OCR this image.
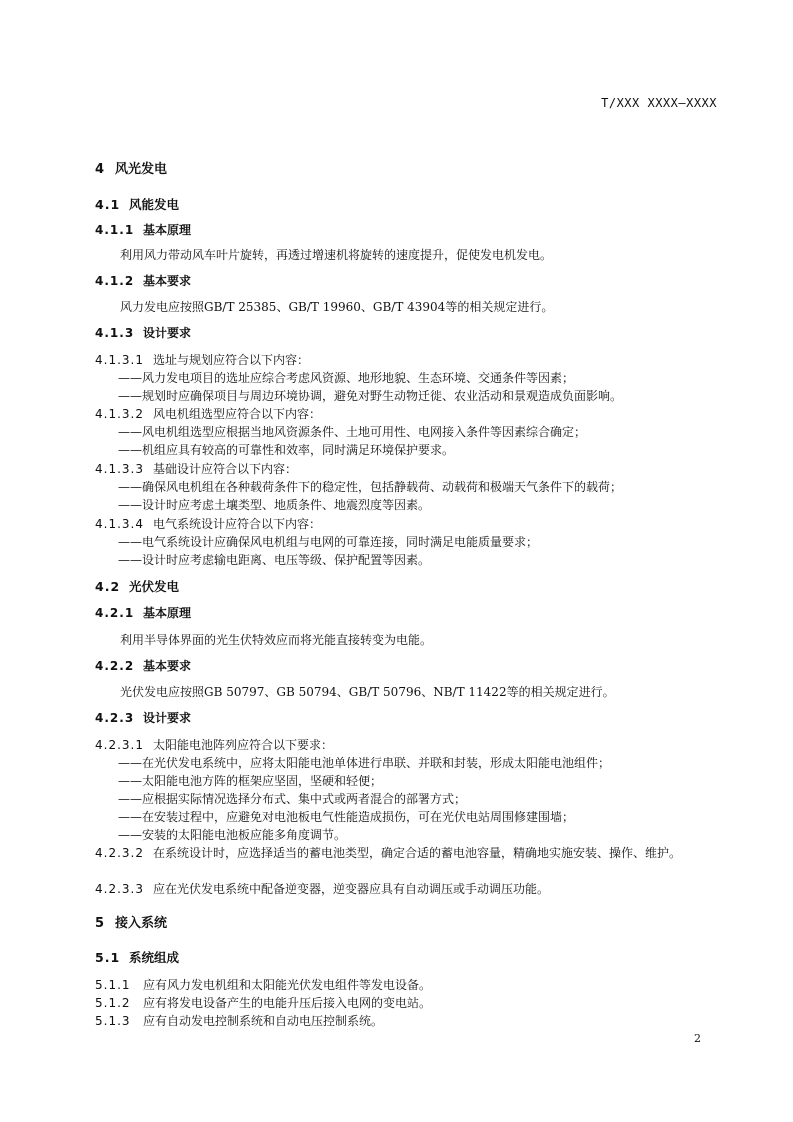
T/XXX XXXX—XXXX
4 风光发电
4.1 风能发电
4.1.1 基本原理
利用风力带动风车叶片旋转，再透过增速机将旋转的速度提升，促使发电机发电。
4.1.2 基本要求
风力发电应按照GB/T 25385、GB/T 19960、GB/T 43904等的相关规定进行。
4.1.3 设计要求
4.1.3.1 选址与规划应符合以下内容：
——风力发电项目的选址应综合考虑风资源、地形地貌、生态环境、交通条件等因素；
——规划时应确保项目与周边环境协调，避免对野生动物迁徙、农业活动和景观造成负面影响。
4.1.3.2 风电机组选型应符合以下内容：
——风电机组选型应根据当地风资源条件、土地可用性、电网接入条件等因素综合确定；
——机组应具有较高的可靠性和效率，同时满足环境保护要求。
4.1.3.3 基础设计应符合以下内容：
——确保风电机组在各种载荷条件下的稳定性，包括静载荷、动载荷和极端天气条件下的载荷；
——设计时应考虑土壤类型、地质条件、地震烈度等因素。
4.1.3.4 电气系统设计应符合以下内容：
——电气系统设计应确保风电机组与电网的可靠连接，同时满足电能质量要求；
——设计时应考虑输电距离、电压等级、保护配置等因素。
4.2 光伏发电
4.2.1 基本原理
利用半导体界面的光生伏特效应而将光能直接转变为电能。
4.2.2 基本要求
光伏发电应按照GB 50797、GB 50794、GB/T 50796、NB/T 11422等的相关规定进行。
4.2.3 设计要求
4.2.3.1 太阳能电池阵列应符合以下要求：
——在光伏发电系统中，应将太阳能电池单体进行串联、并联和封装，形成太阳能电池组件；
——太阳能电池方阵的框架应坚固，坚硬和轻便；
——应根据实际情况选择分布式、集中式或两者混合的部署方式；
——在安装过程中，应避免对电池板电气性能造成损伤，可在光伏电站周围修建围墙；
——安装的太阳能电池板应能多角度调节。
4.2.3.2 在系统设计时，应选择适当的蓄电池类型，确定合适的蓄电池容量，精确地实施安装、操作、维护。
4.2.3.3 应在光伏发电系统中配备逆变器，逆变器应具有自动调压或手动调压功能。
5 接入系统
5.1 系统组成
5.1.1 应有风力发电机组和太阳能光伏发电组件等发电设备。
5.1.2 应有将发电设备产生的电能升压后接入电网的变电站。
5.1.3 应有自动发电控制系统和自动电压控制系统。
2
